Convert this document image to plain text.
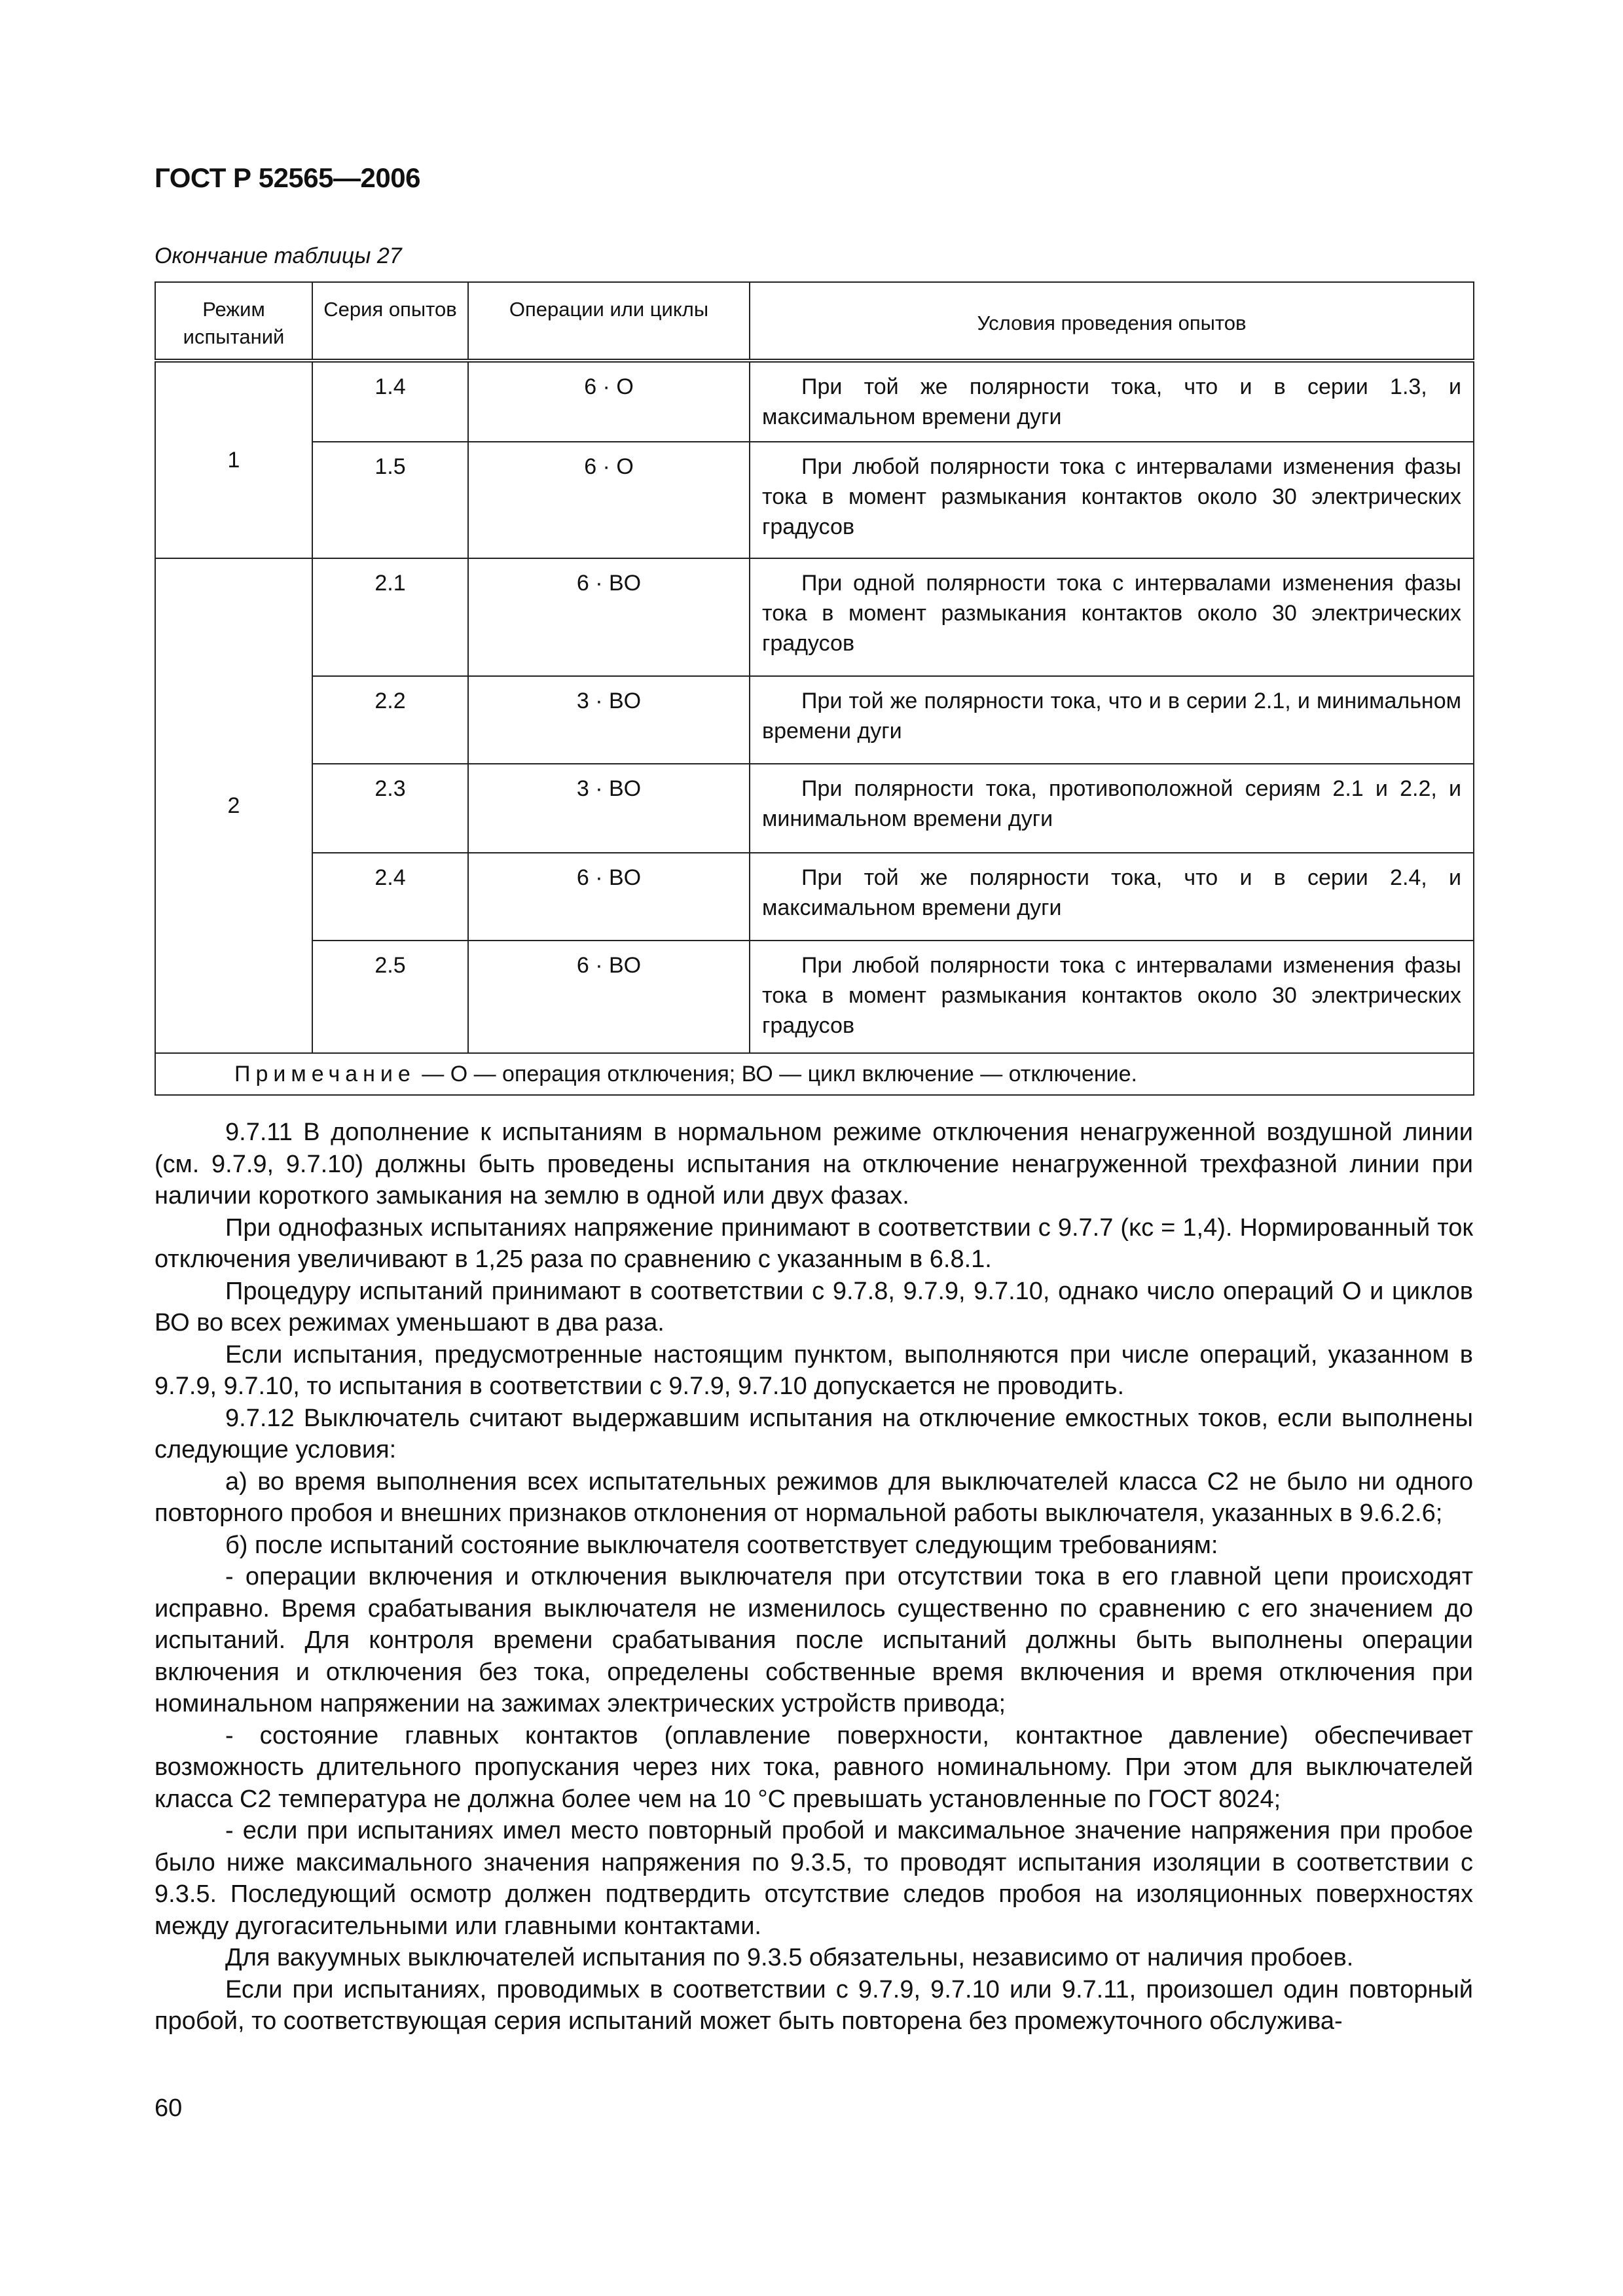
ГОСТ Р 52565—2006
Окончание таблицы 27
Режим испытаний	Серия опытов	Операции или циклы	Условия проведения опытов
1	1.4	6 · O	При той же полярности тока, что и в серии 1.3, и максимальном времени дуги

	1.5	6 · O	При любой полярности тока с интервалами изменения фазы тока в момент размыкания контактов около 30 электрических градусов

2	2.1	6 · BO	При одной полярности тока с интервалами изменения фазы тока в момент размыкания контактов около 30 электрических градусов

	2.2	3 · BO	При той же полярности тока, что и в серии 2.1, и минимальном времени дуги

	2.3	3 · BO	При полярности тока, противоположной сериям 2.1 и 2.2, и минимальном времени дуги

	2.4	6 · BO	При той же полярности тока, что и в серии 2.4, и максимальном времени дуги

	2.5	6 · BO	При любой полярности тока с интервалами изменения фазы тока в момент размыкания контактов около 30 электрических градусов

Примечание — О — операция отключения; ВО — цикл включение — отключение.			

9.7.11 В дополнение к испытаниям в нормальном режиме отключения ненагруженной воздушной линии (см. 9.7.9, 9.7.10) должны быть проведены испытания на отключение ненагруженной трехфазной линии при наличии короткого замыкания на землю в одной или двух фазах.

При однофазных испытаниях напряжение принимают в соответствии с 9.7.7 (κс = 1,4). Нормированный ток отключения увеличивают в 1,25 раза по сравнению с указанным в 6.8.1.

Процедуру испытаний принимают в соответствии с 9.7.8, 9.7.9, 9.7.10, однако число операций О и циклов ВО во всех режимах уменьшают в два раза.

Если испытания, предусмотренные настоящим пунктом, выполняются при числе операций, указанном в 9.7.9, 9.7.10, то испытания в соответствии с 9.7.9, 9.7.10 допускается не проводить.

9.7.12 Выключатель считают выдержавшим испытания на отключение емкостных токов, если выполнены следующие условия:

а) во время выполнения всех испытательных режимов для выключателей класса С2 не было ни одного повторного пробоя и внешних признаков отклонения от нормальной работы выключателя, указанных в 9.6.2.6;

б) после испытаний состояние выключателя соответствует следующим требованиям:

- операции включения и отключения выключателя при отсутствии тока в его главной цепи происходят исправно. Время срабатывания выключателя не изменилось существенно по сравнению с его значением до испытаний. Для контроля времени срабатывания после испытаний должны быть выполнены операции включения и отключения без тока, определены собственные время включения и время отключения при номинальном напряжении на зажимах электрических устройств привода;

- состояние главных контактов (оплавление поверхности, контактное давление) обеспечивает возможность длительного пропускания через них тока, равного номинальному. При этом для выключателей класса С2 температура не должна более чем на 10 °С превышать установленные по ГОСТ 8024;

- если при испытаниях имел место повторный пробой и максимальное значение напряжения при пробое было ниже максимального значения напряжения по 9.3.5, то проводят испытания изоляции в соответствии с 9.3.5. Последующий осмотр должен подтвердить отсутствие следов пробоя на изоляционных поверхностях между дугогасительными или главными контактами.

Для вакуумных выключателей испытания по 9.3.5 обязательны, независимо от наличия пробоев.

Если при испытаниях, проводимых в соответствии с 9.7.9, 9.7.10 или 9.7.11, произошел один повторный пробой, то соответствующая серия испытаний может быть повторена без промежуточного обслужива-

60
